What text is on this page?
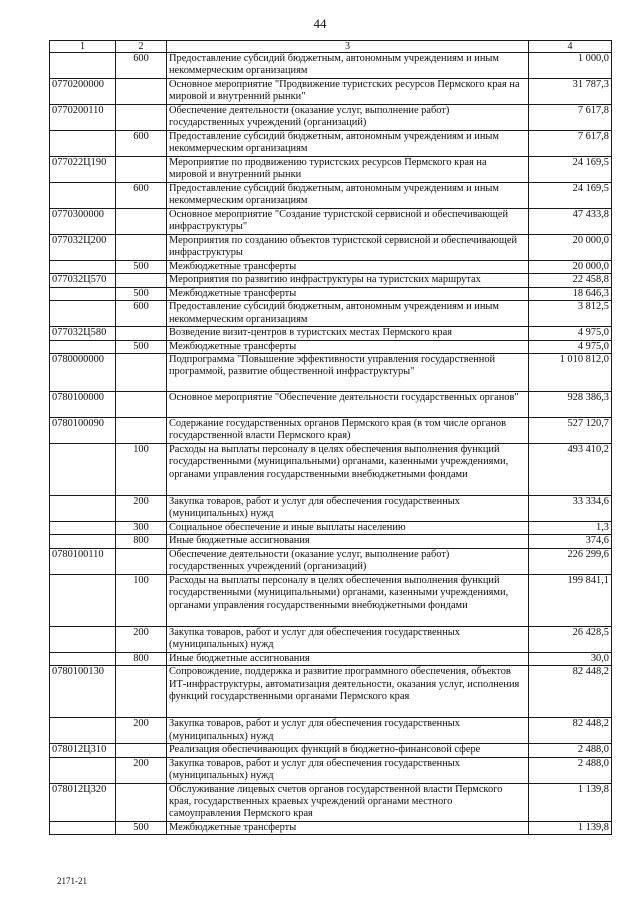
44
1	2	3	4
	600	Предоставление субсидий бюджетным, автономным учреждениям и иным некоммерческим организациям	1 000,0
0770200000		Основное мероприятие "Продвижение туристских ресурсов Пермского края на мировой и внутренний рынки"	31 787,3
0770200110		Обеспечение деятельности (оказание услуг, выполнение работ) государственных учреждений (организаций)	7 617,8
	600	Предоставление субсидий бюджетным, автономным учреждениям и иным некоммерческим организациям	7 617,8
077022Ц190		Мероприятие по продвижению туристских ресурсов Пермского края на мировой и внутренний рынки	24 169,5
	600	Предоставление субсидий бюджетным, автономным учреждениям и иным некоммерческим организациям	24 169,5
0770300000		Основное мероприятие "Создание туристской сервисной и обеспечивающей инфраструктуры"	47 433,8
077032Ц200		Мероприятия по созданию объектов туристской сервисной и обеспечивающей инфраструктуры	20 000,0
	500	Межбюджетные трансферты	20 000,0
077032Ц570		Мероприятия по развитию инфраструктуры на туристских маршрутах	22 458,8
	500	Межбюджетные трансферты	18 646,3
	600	Предоставление субсидий бюджетным, автономным учреждениям и иным некоммерческим организациям	3 812,5
077032Ц580		Возведение визит-центров в туристских местах Пермского края	4 975,0
	500	Межбюджетные трансферты	4 975,0
0780000000		Подпрограмма "Повышение эффективности управления государственной программой, развитие общественной инфраструктуры"	1 010 812,0
0780100000		Основное мероприятие "Обеспечение деятельности государственных органов"	928 386,3
0780100090		Содержание государственных органов Пермского края (в том числе органов государственной власти Пермского края)	527 120,7
	100	Расходы на выплаты персоналу в целях обеспечения выполнения функций государственными (муниципальными) органами, казенными учреждениями, органами управления государственными внебюджетными фондами	493 410,2
	200	Закупка товаров, работ и услуг для обеспечения государственных (муниципальных) нужд	33 334,6
	300	Социальное обеспечение и иные выплаты населению	1,3
	800	Иные бюджетные ассигнования	374,6
0780100110		Обеспечение деятельности (оказание услуг, выполнение работ) государственных учреждений (организаций)	226 299,6
	100	Расходы на выплаты персоналу в целях обеспечения выполнения функций государственными (муниципальными) органами, казенными учреждениями, органами управления государственными внебюджетными фондами	199 841,1
	200	Закупка товаров, работ и услуг для обеспечения государственных (муниципальных) нужд	26 428,5
	800	Иные бюджетные ассигнования	30,0
0780100130		Сопровождение, поддержка и развитие программного обеспечения, объектов ИТ-инфраструктуры, автоматизация деятельности, оказания услуг, исполнения функций государственными органами Пермского края	82 448,2
	200	Закупка товаров, работ и услуг для обеспечения государственных (муниципальных) нужд	82 448,2
078012Ц310		Реализация обеспечивающих функций в бюджетно-финансовой сфере	2 488,0
	200	Закупка товаров, работ и услуг для обеспечения государственных (муниципальных) нужд	2 488,0
078012Ц320		Обслуживание лицевых счетов органов государственной власти Пермского края, государственных краевых учреждений органами местного самоуправления Пермского края	1 139,8
	500	Межбюджетные трансферты	1 139,8
2171-21
